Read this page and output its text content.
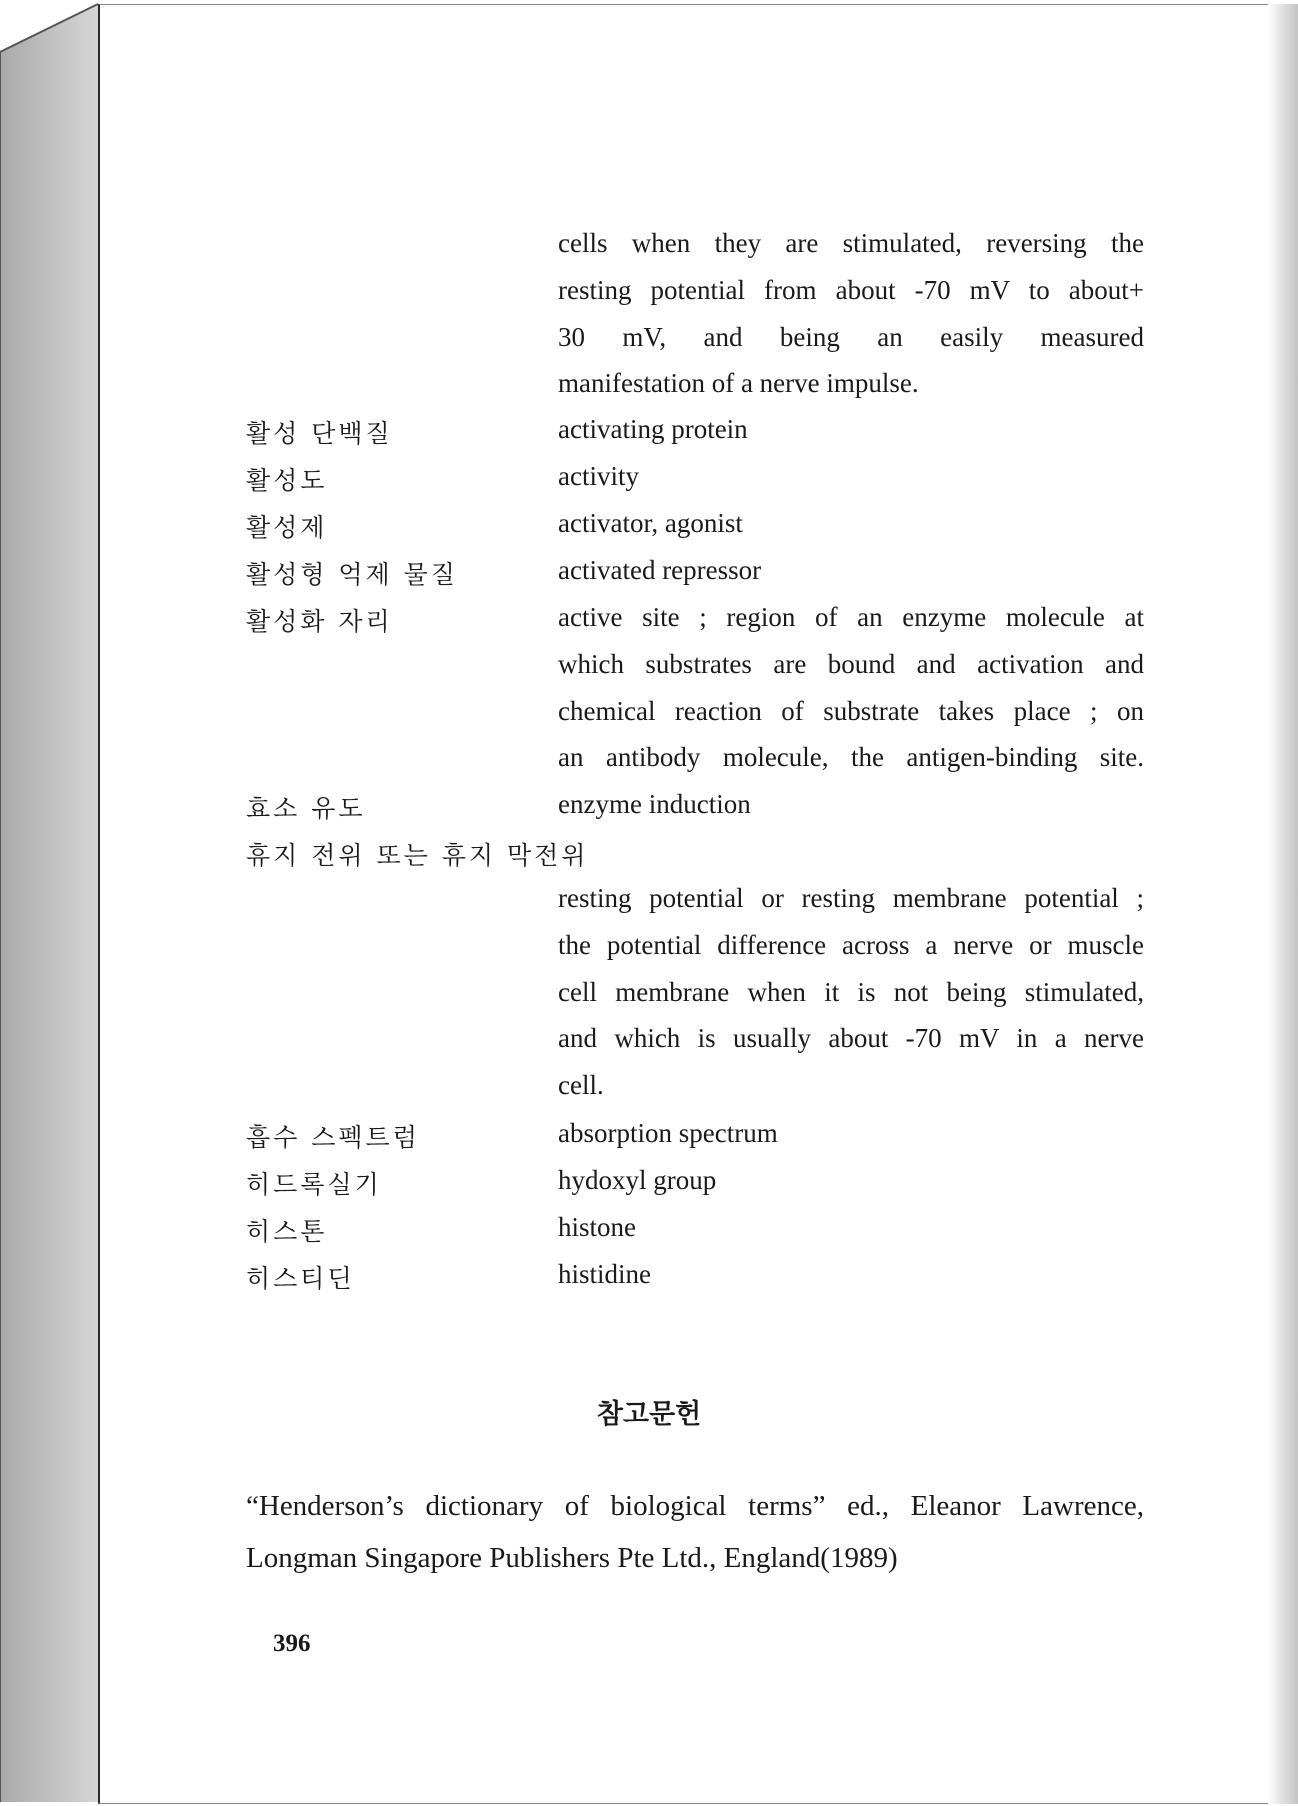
cells when they are stimulated, reversing the
resting potential from about -70 mV to about+
30 mV, and being an easily measured
manifestation of a nerve impulse.
활성 단백질	activating protein
활성도	activity
활성제	activator, agonist
활성형 억제 물질	activated repressor
활성화 자리	active site ; region of an enzyme molecule at
which substrates are bound and activation and
chemical reaction of substrate takes place ; on
an antibody molecule, the antigen-binding site.
효소 유도	enzyme induction
휴지 전위 또는 휴지 막전위
resting potential or resting membrane potential ;
the potential difference across a nerve or muscle
cell membrane when it is not being stimulated,
and which is usually about -70 mV in a nerve
cell.
흡수 스펙트럼	absorption spectrum
히드록실기	hydoxyl group
히스톤	histone
히스티딘	histidine
참고문헌
“Henderson’s dictionary of biological terms” ed., Eleanor Lawrence,
Longman Singapore Publishers Pte Ltd., England(1989)
396
